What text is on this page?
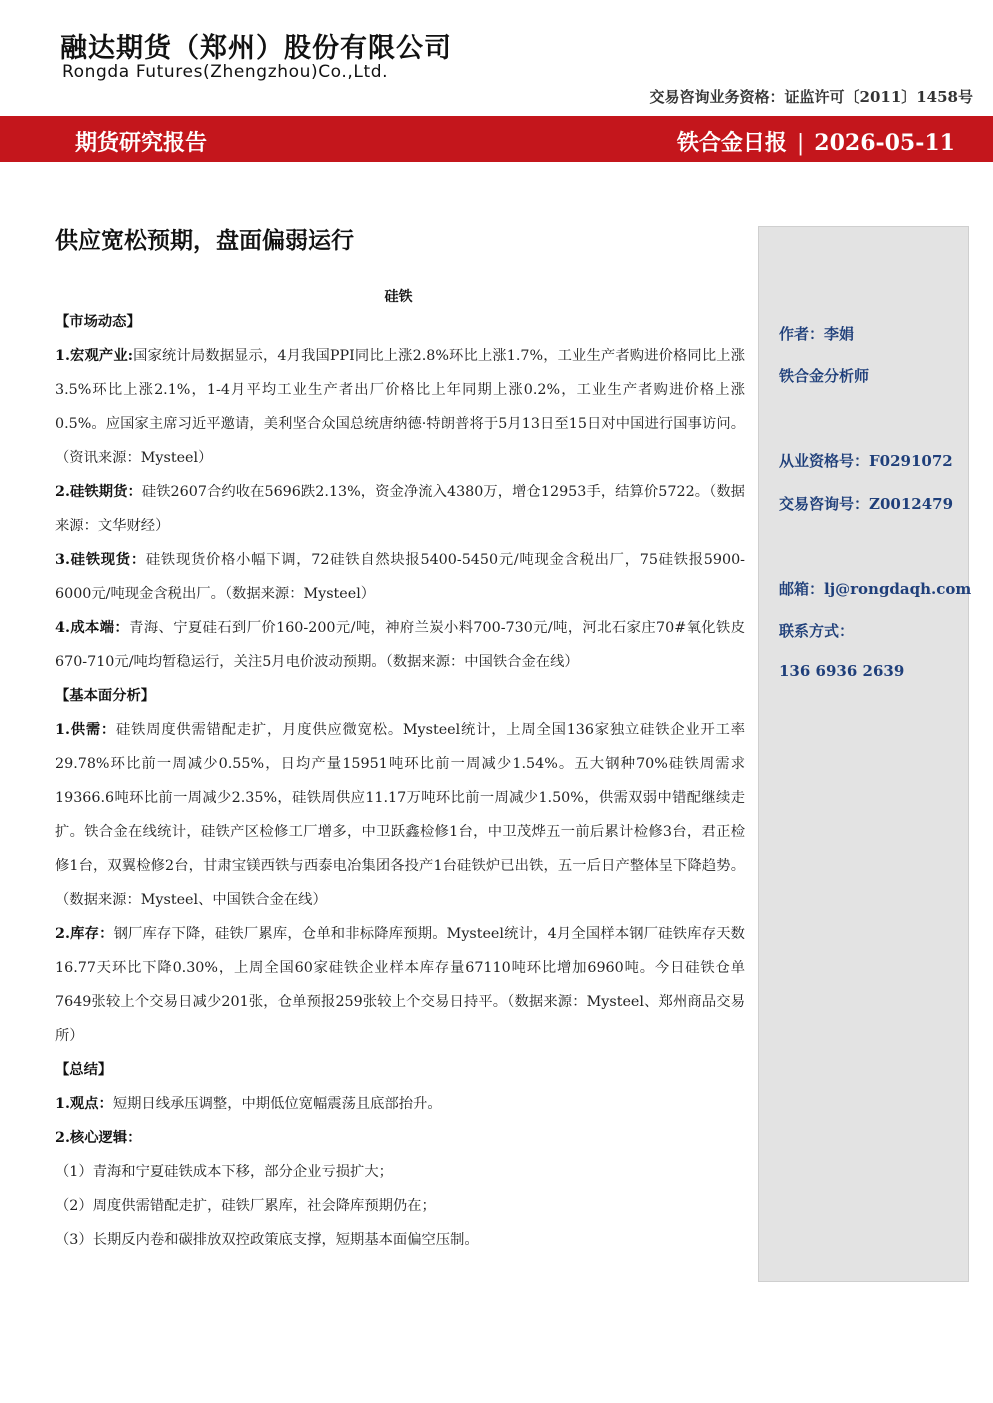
融达期货（郑州）股份有限公司
Rongda Futures(Zhengzhou)Co.,Ltd.
交易咨询业务资格：证监许可〔2011〕1458号
期货研究报告	铁合金日报 | 2026-05-11
供应宽松预期，盘面偏弱运行
硅铁

【市场动态】

1.宏观产业:国家统计局数据显示，4月我国PPI同比上涨2.8%环比上涨1.7%，工业生产者购进价格同比上涨3.5%环比上涨2.1%，1-4月平均工业生产者出厂价格比上年同期上涨0.2%，工业生产者购进价格上涨0.5%。应国家主席习近平邀请，美利坚合众国总统唐纳德·特朗普将于5月13日至15日对中国进行国事访问。（资讯来源：Mysteel）

2.硅铁期货：硅铁2607合约收在5696跌2.13%，资金净流入4380万，增仓12953手，结算价5722。（数据来源：文华财经）

3.硅铁现货：硅铁现货价格小幅下调，72硅铁自然块报5400-5450元/吨现金含税出厂，75硅铁报5900-6000元/吨现金含税出厂。（数据来源：Mysteel）

4.成本端：青海、宁夏硅石到厂价160-200元/吨，神府兰炭小料700-730元/吨，河北石家庄70#氧化铁皮670-710元/吨均暂稳运行，关注5月电价波动预期。（数据来源：中国铁合金在线）

【基本面分析】

1.供需：硅铁周度供需错配走扩，月度供应微宽松。Mysteel统计，上周全国136家独立硅铁企业开工率29.78%环比前一周减少0.55%，日均产量15951吨环比前一周减少1.54%。五大钢种70%硅铁周需求19366.6吨环比前一周减少2.35%，硅铁周供应11.17万吨环比前一周减少1.50%，供需双弱中错配继续走扩。铁合金在线统计，硅铁产区检修工厂增多，中卫跃鑫检修1台，中卫茂烨五一前后累计检修3台，君正检修1台，双翼检修2台，甘肃宝镁西铁与西泰电冶集团各投产1台硅铁炉已出铁，五一后日产整体呈下降趋势。（数据来源：Mysteel、中国铁合金在线）

2.库存：钢厂库存下降，硅铁厂累库，仓单和非标降库预期。Mysteel统计，4月全国样本钢厂硅铁库存天数16.77天环比下降0.30%，上周全国60家硅铁企业样本库存量67110吨环比增加6960吨。今日硅铁仓单7649张较上个交易日减少201张，仓单预报259张较上个交易日持平。（数据来源：Mysteel、郑州商品交易所）

【总结】

1.观点：短期日线承压调整，中期低位宽幅震荡且底部抬升。

2.核心逻辑：

（1）青海和宁夏硅铁成本下移，部分企业亏损扩大；

（2）周度供需错配走扩，硅铁厂累库，社会降库预期仍在；

（3）长期反内卷和碳排放双控政策底支撑，短期基本面偏空压制。

作者：李娟
铁合金分析师
从业资格号：F0291072
交易咨询号：Z0012479
邮箱：lj@rongdaqh.com
联系方式：
136 6936 2639
